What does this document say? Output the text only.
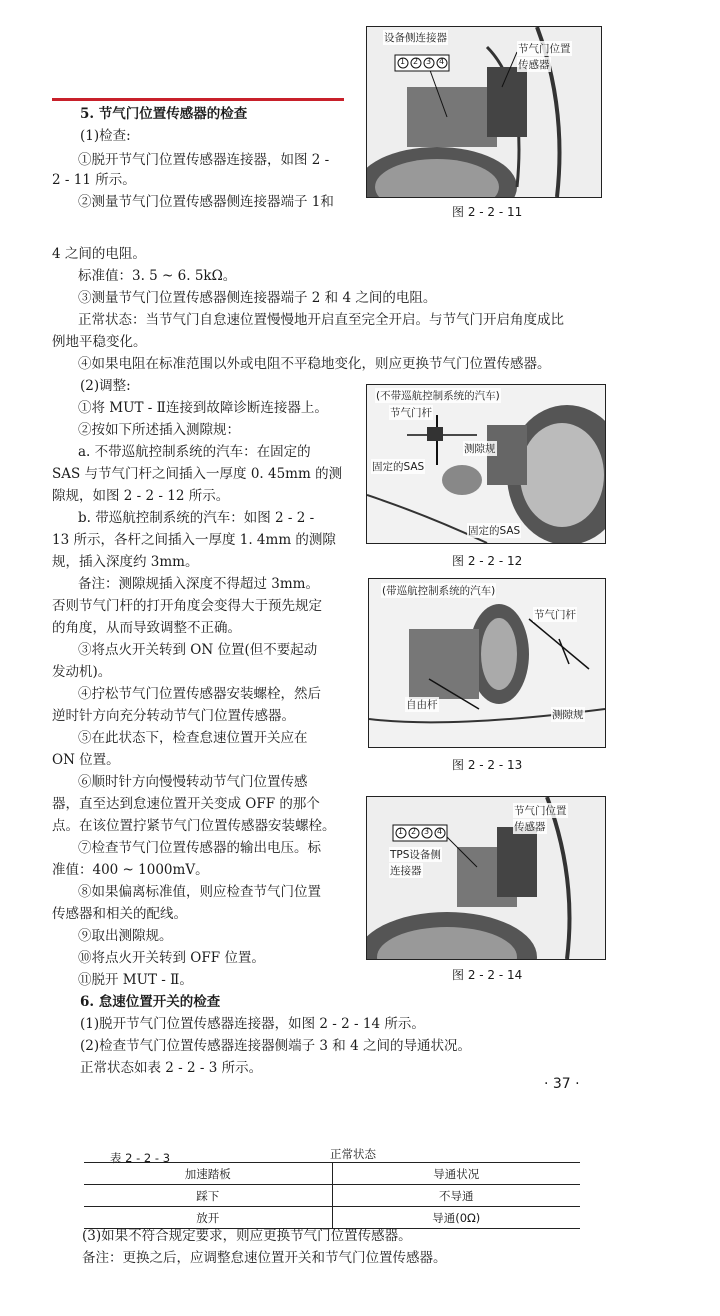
5. 节气门位置传感器的检查
(1)检查:
①脱开节气门位置传感器连接器，如图 2 -
2 - 11 所示。
②测量节气门位置传感器侧连接器端子 1和
4 之间的电阻。
标准值：3. 5 ~ 6. 5kΩ。
③测量节气门位置传感器侧连接器端子 2 和 4 之间的电阻。
正常状态：当节气门自怠速位置慢慢地开启直至完全开启。与节气门开启角度成比
例地平稳变化。
④如果电阻在标准范围以外或电阻不平稳地变化，则应更换节气门位置传感器。
(2)调整:
①将 MUT - Ⅱ连接到故障诊断连接器上。
②按如下所述插入测隙规：
a. 不带巡航控制系统的汽车：在固定的
SAS 与节气门杆之间插入一厚度 0. 45mm 的测
隙规，如图 2 - 2 - 12 所示。
b. 带巡航控制系统的汽车：如图 2 - 2 -
13 所示，各杆之间插入一厚度 1. 4mm 的测隙
规，插入深度约 3mm。
备注：测隙规插入深度不得超过 3mm。
否则节气门杆的打开角度会变得大于预先规定
的角度，从而导致调整不正确。
③将点火开关转到 ON 位置(但不要起动
发动机)。
④拧松节气门位置传感器安装螺栓，然后
逆时针方向充分转动节气门位置传感器。
⑤在此状态下，检查怠速位置开关应在
ON 位置。
⑥顺时针方向慢慢转动节气门位置传感
器，直至达到怠速位置开关变成 OFF 的那个
点。在该位置拧紧节气门位置传感器安装螺栓。
⑦检查节气门位置传感器的输出电压。标
准值：400 ~ 1000mV。
⑧如果偏离标准值，则应检查节气门位置
传感器和相关的配线。
⑨取出测隙规。
⑩将点火开关转到 OFF 位置。
⑪脱开 MUT - Ⅱ。
6. 怠速位置开关的检查
(1)脱开节气门位置传感器连接器，如图 2 - 2 - 14 所示。
(2)检查节气门位置传感器连接器侧端子 3 和 4 之间的导通状况。
正常状态如表 2 - 2 - 3 所示。
· 37 ·
设备侧连接器
节气门位置
传感器
1 2 3 4
图 2 - 2 - 11
(不带巡航控制系统的汽车)
节气门杆
测隙规
固定的SAS
固定的SAS
图 2 - 2 - 12
(带巡航控制系统的汽车)
节气门杆
自由杆
测隙规
图 2 - 2 - 13
节气门位置
传感器
TPS设备侧
连接器
1 2 3 4
图 2 - 2 - 14
表 2 - 2 - 3	正常状态
加速踏板	导通状况
踩下	不导通
放开	导通(0Ω)
(3)如果不符合规定要求，则应更换节气门位置传感器。
备注：更换之后，应调整怠速位置开关和节气门位置传感器。
